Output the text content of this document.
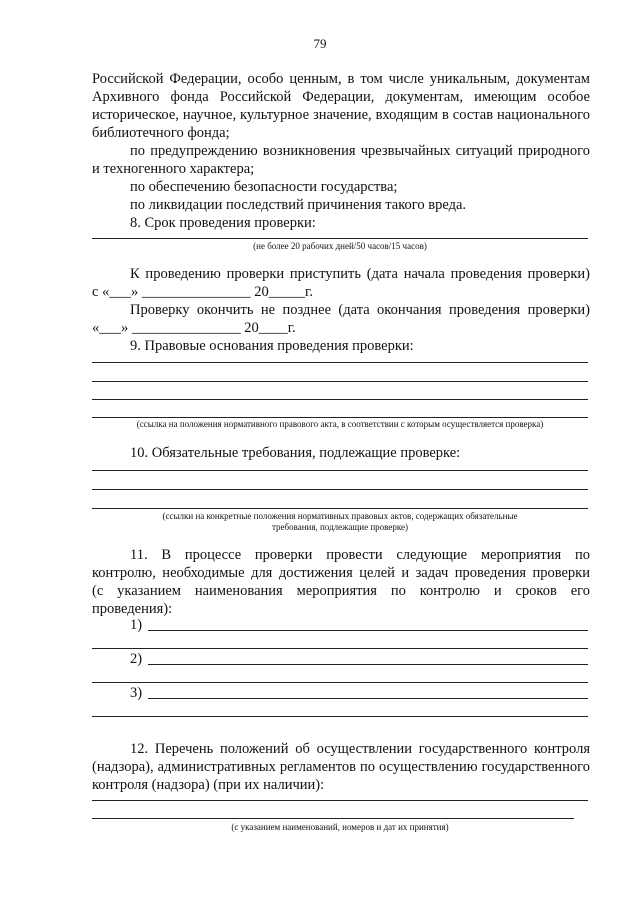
79
Российской Федерации, особо ценным, в том числе уникальным, документам
Архивного фонда Российской Федерации, документам, имеющим особое
историческое, научное, культурное значение, входящим в состав национального
библиотечного фонда;
по предупреждению возникновения чрезвычайных ситуаций природного
и техногенного характера;
по обеспечению безопасности государства;
по ликвидации последствий причинения такого вреда.
8. Срок проведения проверки:
(не более 20 рабочих дней/50 часов/15 часов)
К проведению проверки приступить (дата начала проведения проверки)
с «___» _______________ 20_____г.
Проверку окончить не позднее (дата окончания проведения проверки)
«___» _______________ 20____г.
9. Правовые основания проведения проверки:
(ссылка на положения нормативного правового акта, в соответствии с которым осуществляется проверка)
10. Обязательные требования, подлежащие проверке:
(ссылки на конкретные положения нормативных правовых актов, содержащих обязательные
требования, подлежащие проверке)
11. В процессе проверки провести следующие мероприятия по
контролю, необходимые для достижения целей и задач проведения проверки
(с указанием наименования мероприятия по контролю и сроков его
проведения):
1)
2)
3)
12. Перечень положений об осуществлении государственного контроля
(надзора), административных регламентов по осуществлению государственного
контроля (надзора) (при их наличии):
(с указанием наименований, номеров и дат их принятия)
